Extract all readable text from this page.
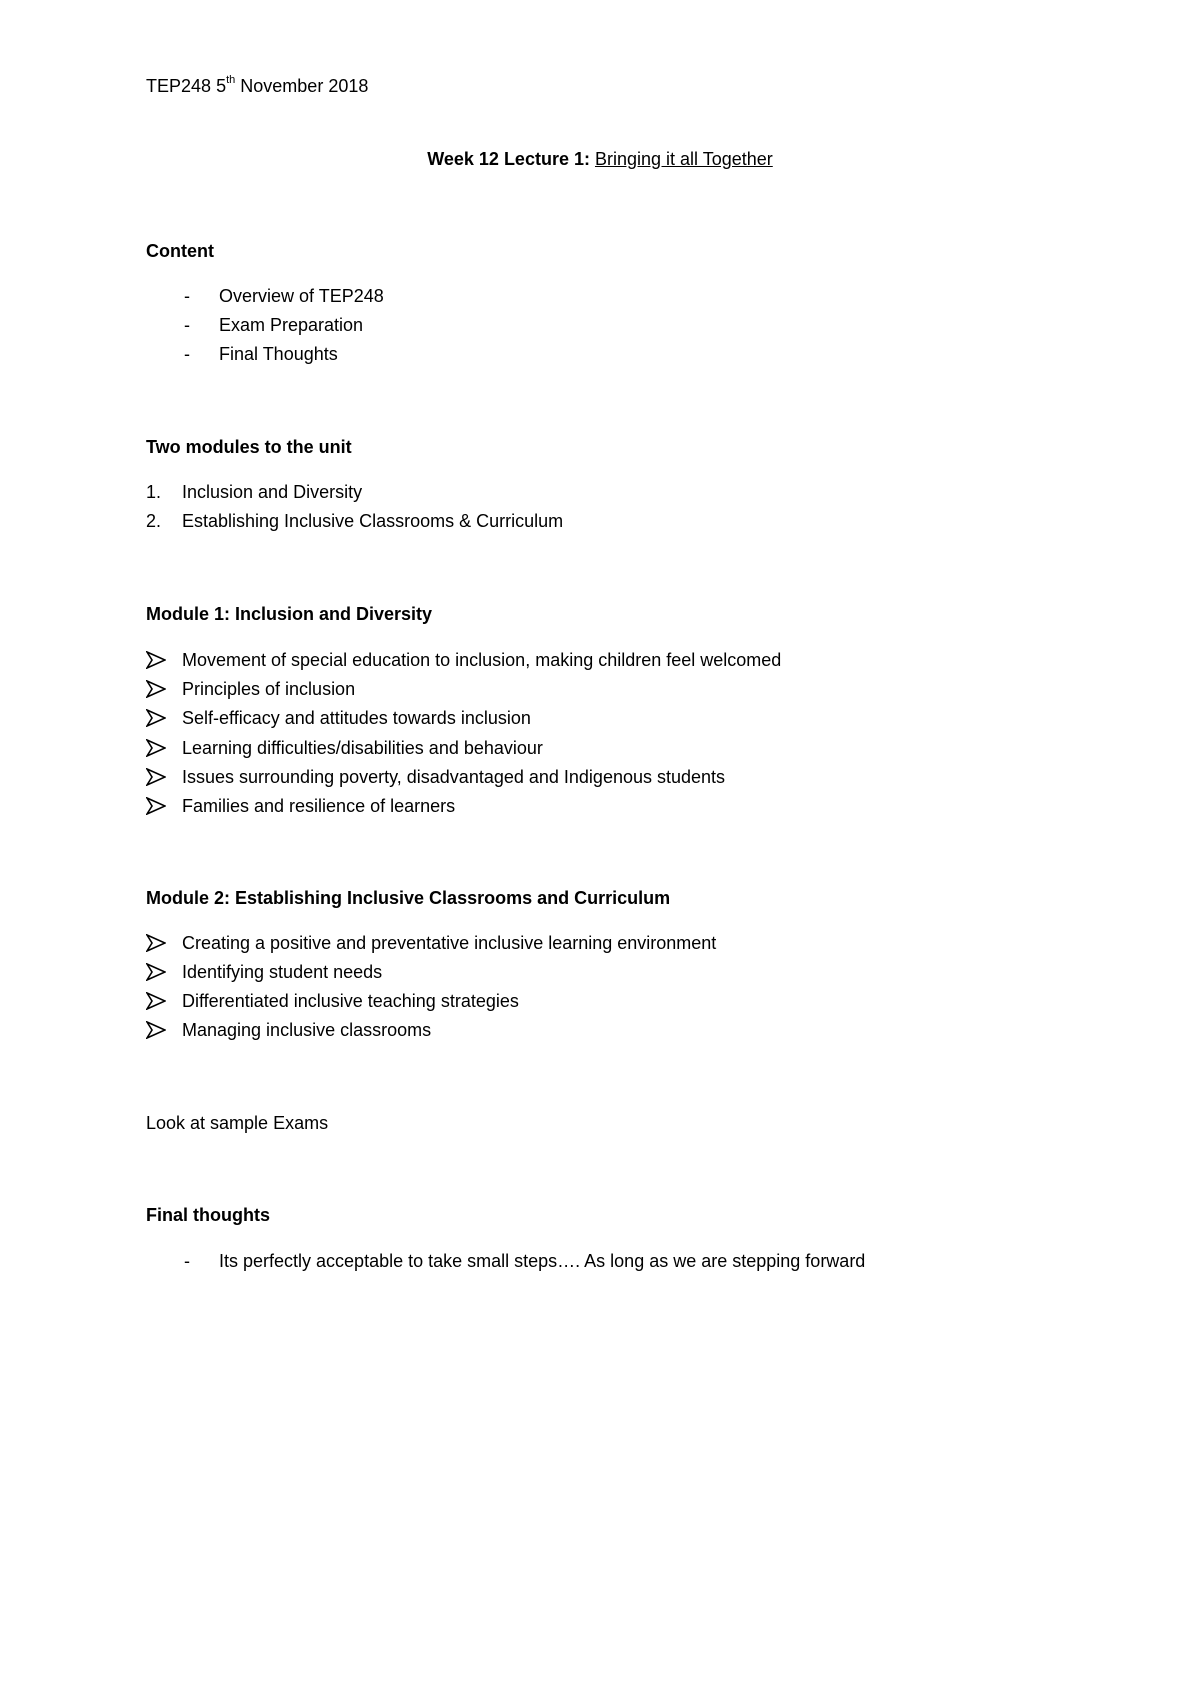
TEP248 5th November 2018
Week 12 Lecture 1: Bringing it all Together
Content
- Overview of TEP248
- Exam Preparation
- Final Thoughts
Two modules to the unit
1. Inclusion and Diversity
2. Establishing Inclusive Classrooms & Curriculum
Module 1: Inclusion and Diversity
Movement of special education to inclusion, making children feel welcomed
Principles of inclusion
Self-efficacy and attitudes towards inclusion
Learning difficulties/disabilities and behaviour
Issues surrounding poverty, disadvantaged and Indigenous students
Families and resilience of learners
Module 2: Establishing Inclusive Classrooms and Curriculum
Creating a positive and preventative inclusive learning environment
Identifying student needs
Differentiated inclusive teaching strategies
Managing inclusive classrooms
Look at sample Exams
Final thoughts
- Its perfectly acceptable to take small steps…. As long as we are stepping forward
